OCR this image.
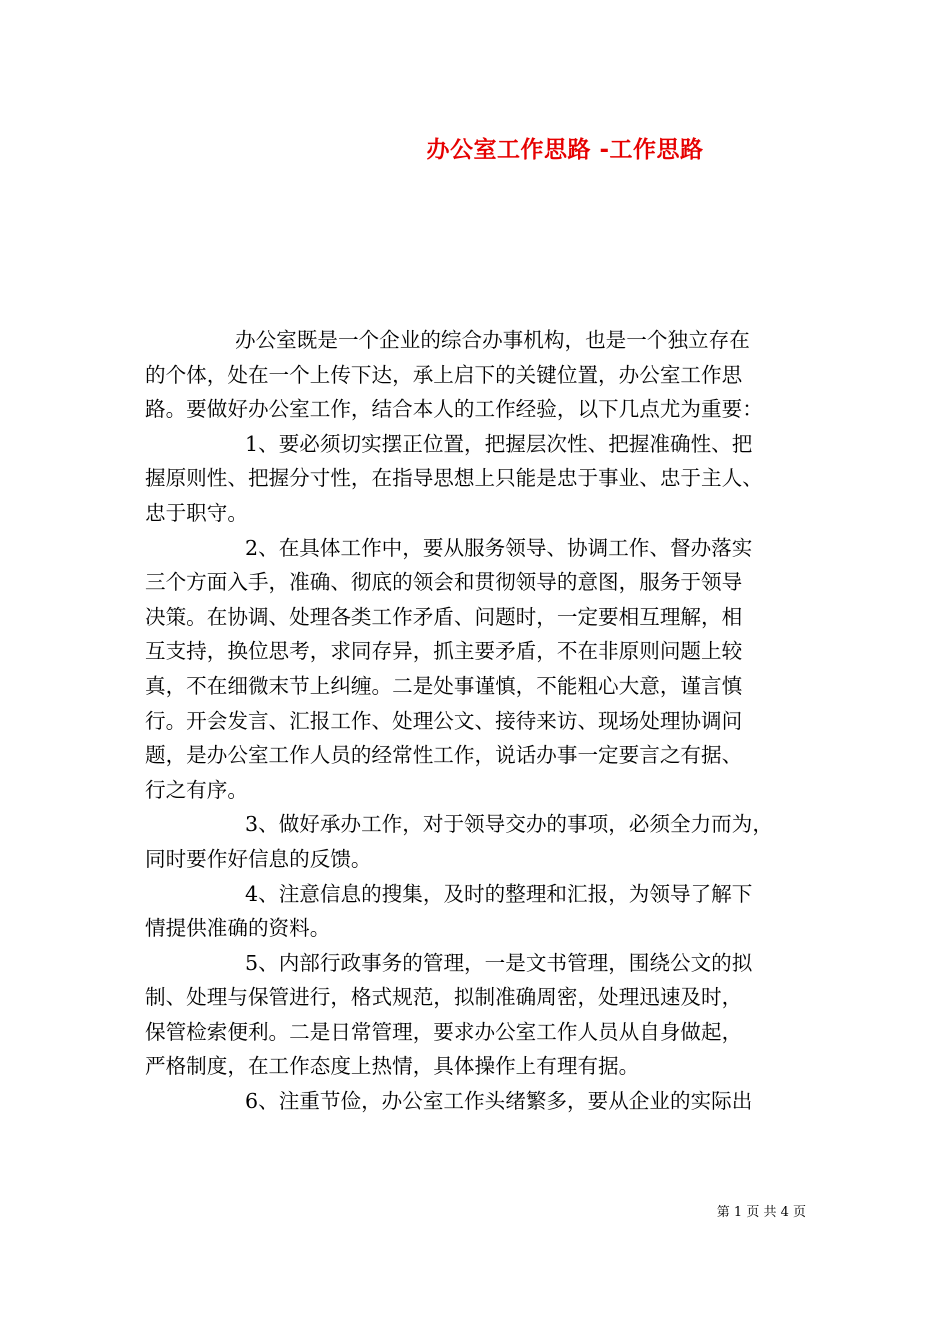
办公室工作思路 -工作思路

办公室既是一个企业的综合办事机构，也是一个独立存在

的个体，处在一个上传下达，承上启下的关键位置，办公室工作思

路。要做好办公室工作，结合本人的工作经验，以下几点尤为重要：

1、要必须切实摆正位置，把握层次性、把握准确性、把

握原则性、把握分寸性，在指导思想上只能是忠于事业、忠于主人、

忠于职守。

2、在具体工作中，要从服务领导、协调工作、督办落实

三个方面入手，准确、彻底的领会和贯彻领导的意图，服务于领导

决策。在协调、处理各类工作矛盾、问题时，一定要相互理解，相

互支持，换位思考，求同存异，抓主要矛盾，不在非原则问题上较

真，不在细微末节上纠缠。二是处事谨慎，不能粗心大意，谨言慎

行。开会发言、汇报工作、处理公文、接待来访、现场处理协调问

题，是办公室工作人员的经常性工作，说话办事一定要言之有据、

行之有序。

3、做好承办工作，对于领导交办的事项，必须全力而为，

同时要作好信息的反馈。

4、注意信息的搜集，及时的整理和汇报，为领导了解下

情提供准确的资料。

5、内部行政事务的管理，一是文书管理，围绕公文的拟

制、处理与保管进行，格式规范，拟制准确周密，处理迅速及时，

保管检索便利。二是日常管理，要求办公室工作人员从自身做起，

严格制度，在工作态度上热情，具体操作上有理有据。

6、注重节俭，办公室工作头绪繁多，要从企业的实际出

第 1 页 共 4 页
